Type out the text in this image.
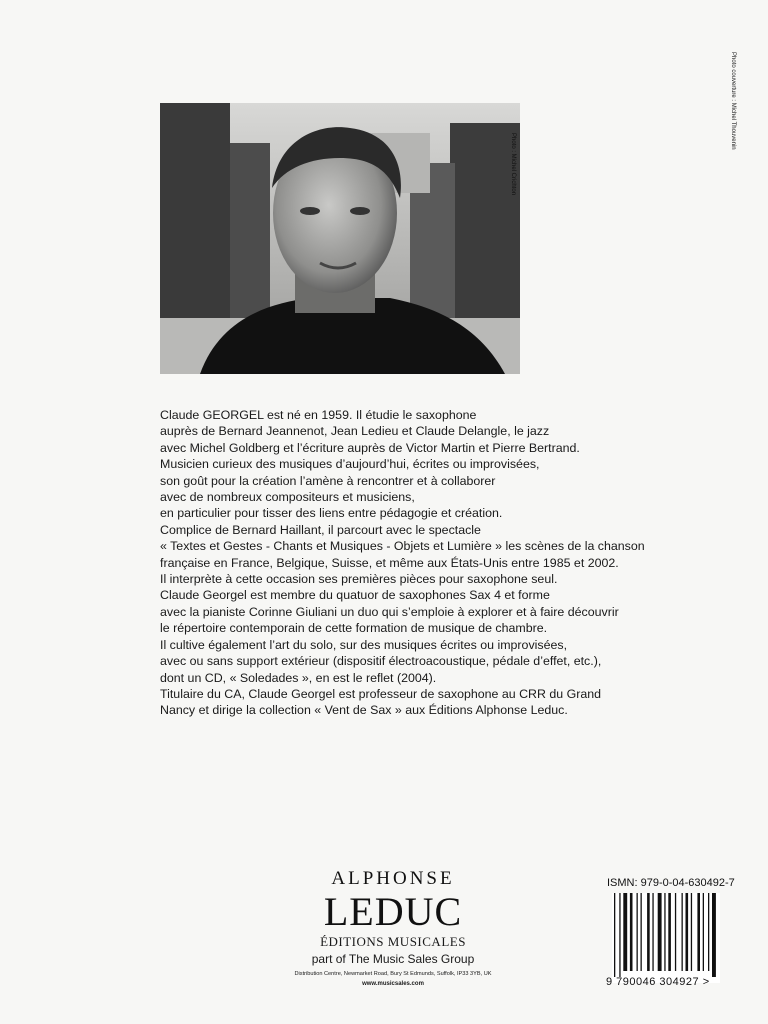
Photo couverture : Michel Thouvenin
Photo : Michel Crichton

Claude GEORGEL est né en 1959. Il étudie le saxophone

auprès de Bernard Jeannenot, Jean Ledieu et Claude Delangle, le jazz

avec Michel Goldberg et l’écriture auprès de Victor Martin et Pierre Bertrand.

Musicien curieux des musiques d’aujourd’hui, écrites ou improvisées,

son goût pour la création l’amène à rencontrer et à collaborer

avec de nombreux compositeurs et musiciens,

en particulier pour tisser des liens entre pédagogie et création.

Complice de Bernard Haillant, il parcourt avec le spectacle

« Textes et Gestes - Chants et Musiques - Objets et Lumière » les scènes de la chanson

française en France, Belgique, Suisse, et même aux États-Unis entre 1985 et 2002.

Il interprète à cette occasion ses premières pièces pour saxophone seul.

Claude Georgel est membre du quatuor de saxophones Sax 4 et forme

avec la pianiste Corinne Giuliani un duo qui s’emploie à explorer et à faire découvrir

le répertoire contemporain de cette formation de musique de chambre.

Il cultive également l’art du solo, sur des musiques écrites ou improvisées,

avec ou sans support extérieur (dispositif électroacoustique, pédale d’effet, etc.),

dont un CD, « Soledades », en est le reflet (2004).

Titulaire du CA, Claude Georgel est professeur de saxophone au CRR du Grand

Nancy et dirige la collection « Vent de Sax » aux Éditions Alphonse Leduc.

ALPHONSE
LEDUC
ÉDITIONS MUSICALES
part of The Music Sales Group
Distribution Centre, Newmarket Road, Bury St Edmunds, Suffolk, IP33 3YB, UK
www.musicsales.com
ISMN: 979-0-04-630492-7
9 790046 304927 >
